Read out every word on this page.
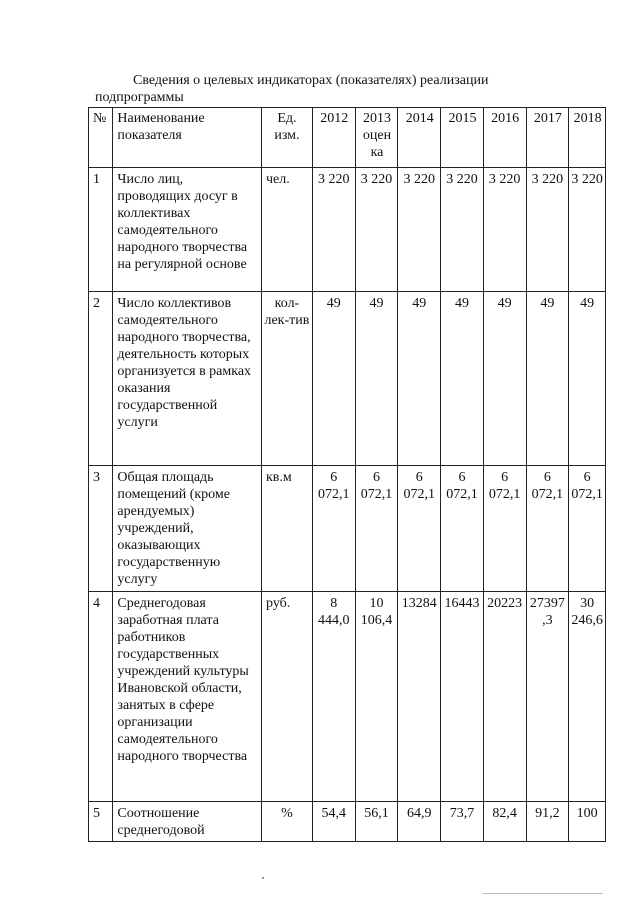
Сведения о целевых индикаторах (показателях) реализации подпрограммы
№	Наименование показателя	Ед. изм.	2012	2013 оценка	2014	2015	2016	2017	2018
1	Число лиц, проводящих досуг в коллективах самодеятельного народного творчества на регулярной основе	чел.	3 220	3 220	3 220	3 220	3 220	3 220	3 220
2	Число коллективов самодеятельного народного творчества, деятельность которых организуется в рамках оказания государственной услуги	кол-лек-тив	49	49	49	49	49	49	49
3	Общая площадь помещений (кроме арендуемых) учреждений, оказывающих государственную услугу	кв.м	6 072,1	6 072,1	6 072,1	6 072,1	6 072,1	6 072,1	6 072,1
4	Среднегодовая заработная плата работников государственных учреждений культуры Ивановской области, занятых в сфере организации самодеятельного народного творчества	руб.	8 444,0	10 106,4	13284	16443	20223	27397,3	30 246,6
5	Соотношение среднегодовой	%	54,4	56,1	64,9	73,7	82,4	91,2	100
